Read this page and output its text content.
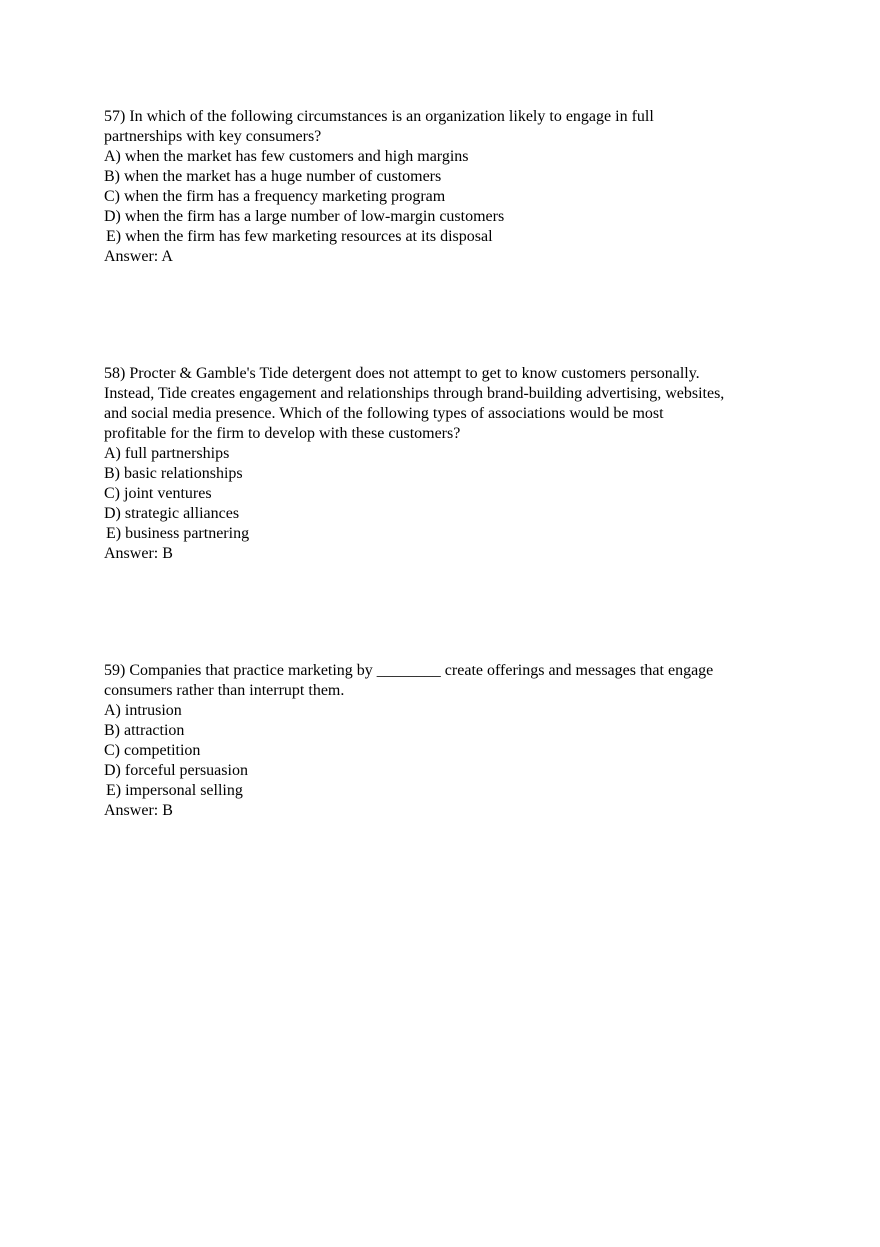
57) In which of the following circumstances is an organization likely to engage in full
partnerships with key consumers?
A) when the market has few customers and high margins
B) when the market has a huge number of customers
C) when the firm has a frequency marketing program
D) when the firm has a large number of low-margin customers
E) when the firm has few marketing resources at its disposal
Answer: A
58) Procter & Gamble's Tide detergent does not attempt to get to know customers personally.
Instead, Tide creates engagement and relationships through brand-building advertising, websites,
and social media presence. Which of the following types of associations would be most
profitable for the firm to develop with these customers?
A) full partnerships
B) basic relationships
C) joint ventures
D) strategic alliances
E) business partnering
Answer: B
59) Companies that practice marketing by ________ create offerings and messages that engage
consumers rather than interrupt them.
A) intrusion
B) attraction
C) competition
D) forceful persuasion
E) impersonal selling
Answer: B
